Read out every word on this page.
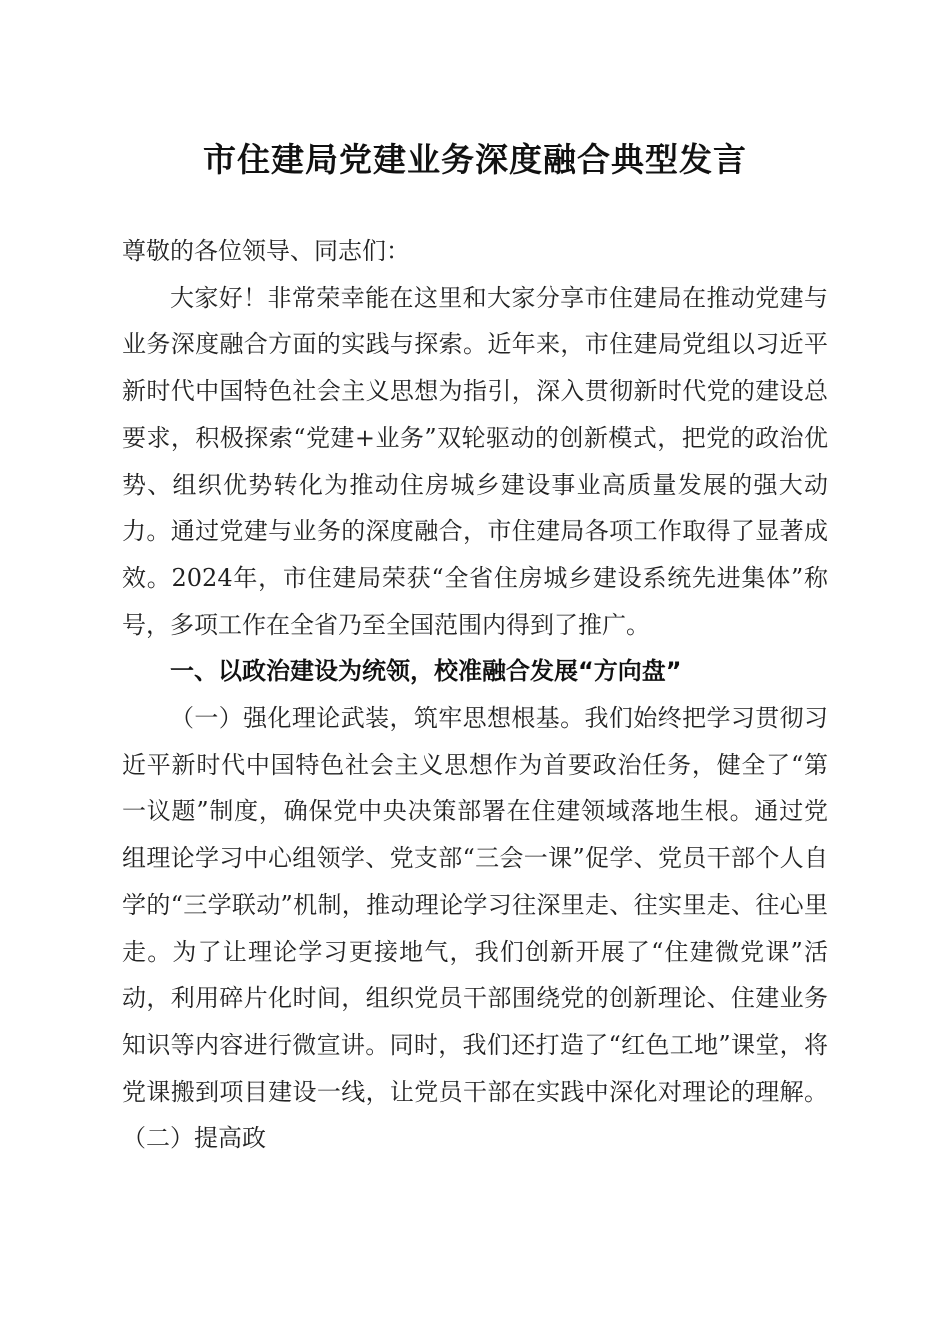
市住建局党建业务深度融合典型发言

尊敬的各位领导、同志们：

大家好！非常荣幸能在这里和大家分享市住建局在推动党建与业务深度融合方面的实践与探索。近年来，市住建局党组以习近平新时代中国特色社会主义思想为指引，深入贯彻新时代党的建设总要求，积极探索“党建+业务”双轮驱动的创新模式，把党的政治优势、组织优势转化为推动住房城乡建设事业高质量发展的强大动力。通过党建与业务的深度融合，市住建局各项工作取得了显著成效。2024年，市住建局荣获“全省住房城乡建设系统先进集体”称号，多项工作在全省乃至全国范围内得到了推广。

一、以政治建设为统领，校准融合发展“方向盘”

（一）强化理论武装，筑牢思想根基。我们始终把学习贯彻习近平新时代中国特色社会主义思想作为首要政治任务，健全了“第一议题”制度，确保党中央决策部署在住建领域落地生根。通过党组理论学习中心组领学、党支部“三会一课”促学、党员干部个人自学的“三学联动”机制，推动理论学习往深里走、往实里走、往心里走。为了让理论学习更接地气，我们创新开展了“住建微党课”活动，利用碎片化时间，组织党员干部围绕党的创新理论、住建业务知识等内容进行微宣讲。同时，我们还打造了“红色工地”课堂，将党课搬到项目建设一线，让党员干部在实践中深化对理论的理解。（二）提高政
